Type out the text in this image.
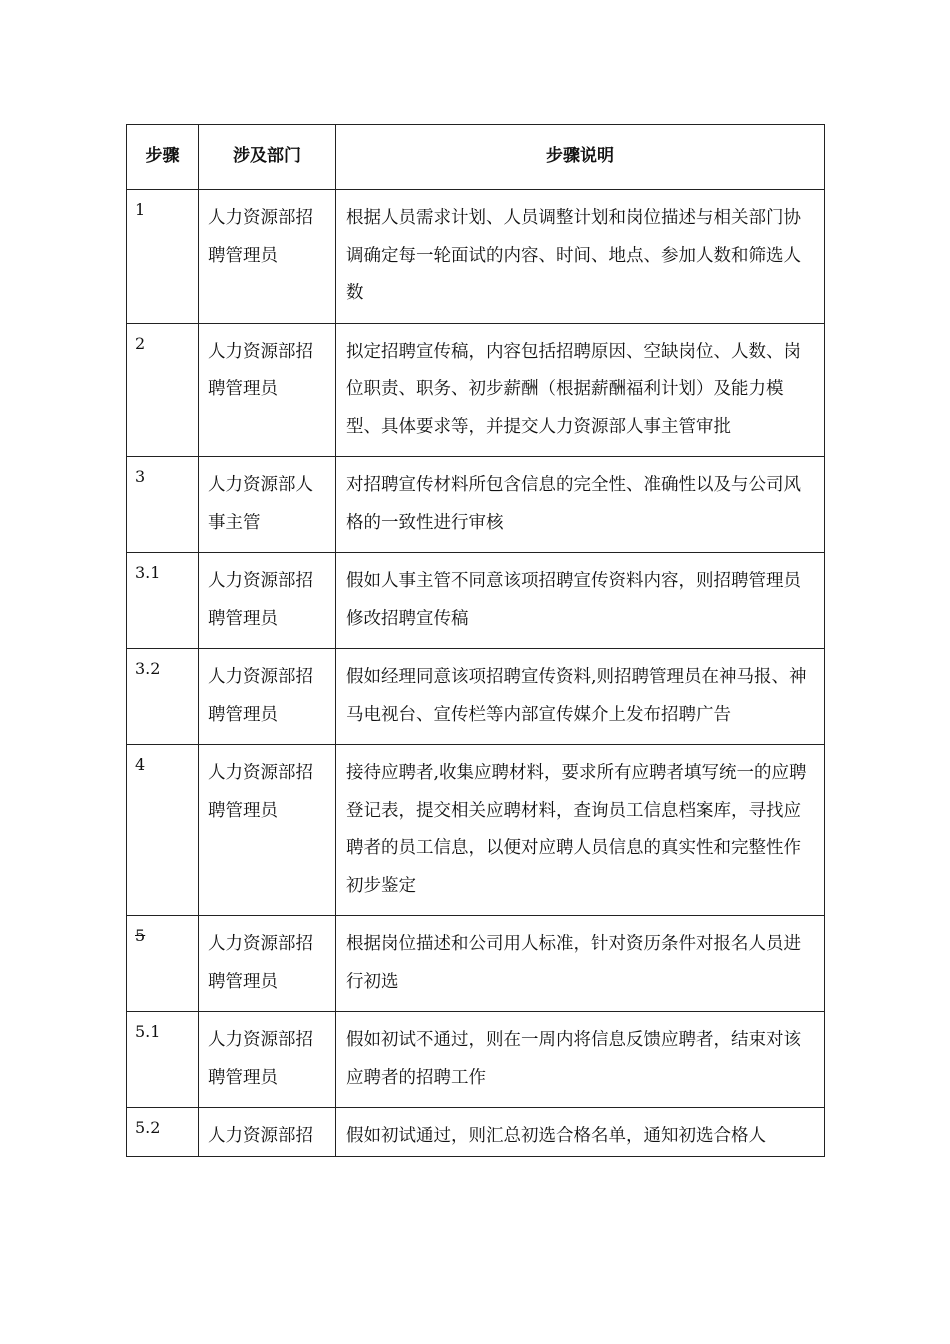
步骤	涉及部门	步骤说明

1	人力资源部招聘管理员	根据人员需求计划、人员调整计划和岗位描述与相关部门协调确定每一轮面试的内容、时间、地点、参加人数和筛选人数

2	人力资源部招聘管理员	拟定招聘宣传稿，内容包括招聘原因、空缺岗位、人数、岗位职责、职务、初步薪酬（根据薪酬福利计划）及能力模型、具体要求等，并提交人力资源部人事主管审批

3	人力资源部人事主管	对招聘宣传材料所包含信息的完全性、准确性以及与公司风格的一致性进行审核

3.1	人力资源部招聘管理员	假如人事主管不同意该项招聘宣传资料内容，则招聘管理员修改招聘宣传稿

3.2	人力资源部招聘管理员	假如经理同意该项招聘宣传资料,则招聘管理员在神马报、神马电视台、宣传栏等内部宣传媒介上发布招聘广告

4	人力资源部招聘管理员	接待应聘者,收集应聘材料，要求所有应聘者填写统一的应聘登记表，提交相关应聘材料，查询员工信息档案库，寻找应聘者的员工信息，以便对应聘人员信息的真实性和完整性作初步鉴定

5	人力资源部招聘管理员	根据岗位描述和公司用人标准，针对资历条件对报名人员进行初选

5.1	人力资源部招聘管理员	假如初试不通过，则在一周内将信息反馈应聘者，结束对该应聘者的招聘工作

5.2	人力资源部招	假如初试通过，则汇总初选合格名单，通知初选合格人
